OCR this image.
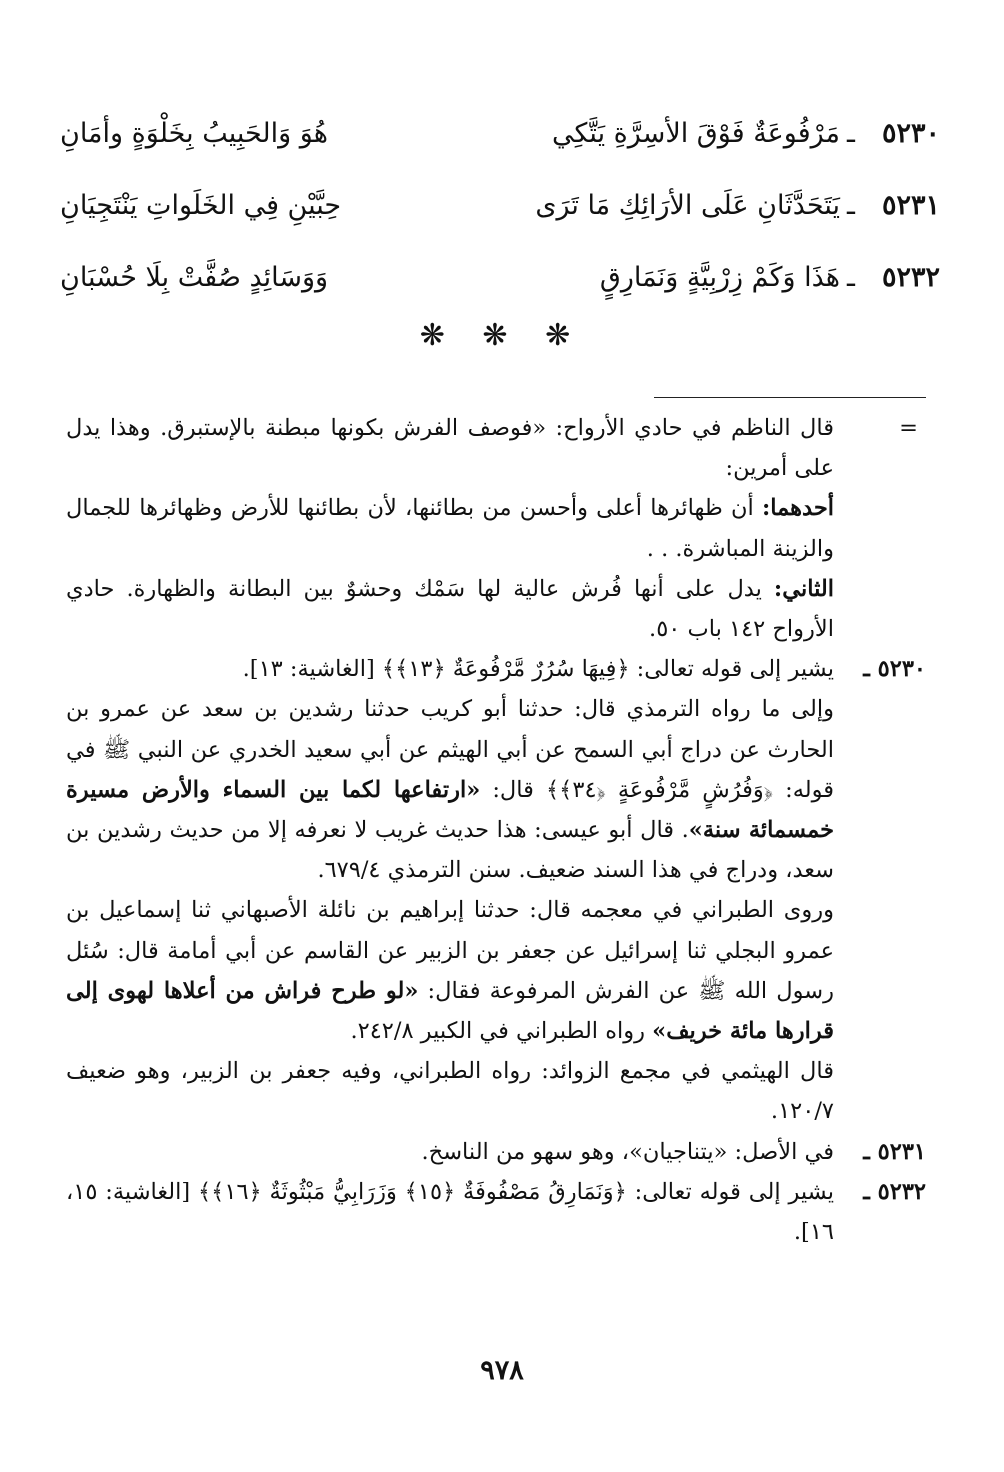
٥٢٣٠
ـ
مَرْفُوعَةٌ فَوْقَ الأسِرَّةِ يَتَّكِي
هُوَ وَالحَبِيبُ بِخَلْوَةٍ وأمَانِ
٥٢٣١
ـ
يَتَحَدَّثَانِ عَلَى الأرَائِكِ مَا تَرَى
حِبَّيْنِ فِي الخَلَواتِ يَنْتَجِيَانِ
٥٢٣٢
ـ
هَذَا وَكَمْ زِرْبِيَّةٍ وَنَمَارِقٍ
وَوَسَائِدٍ صُفَّتْ بِلَا حُسْبَانِ
❋ ❋ ❋
=
قال الناظم في حادي الأرواح: «فوصف الفرش بكونها مبطنة بالإستبرق. وهذا يدل على أمرين:
أحدهما: أن ظهائرها أعلى وأحسن من بطائنها، لأن بطائنها للأرض وظهائرها للجمال والزينة المباشرة. . .
الثاني: يدل على أنها فُرش عالية لها سَمْك وحشوٌ بين البطانة والظهارة. حادي الأرواح ١٤٢ باب ٥٠.
٥٢٣٠ ـ
يشير إلى قوله تعالى: ﴿فِيهَا سُرُرٌ مَّرْفُوعَةٌ ﴿١٣﴾﴾ [الغاشية: ١٣].
وإلى ما رواه الترمذي قال: حدثنا أبو كريب حدثنا رشدين بن سعد عن عمرو بن الحارث عن دراج أبي السمح عن أبي الهيثم عن أبي سعيد الخدري عن النبي ﷺ في قوله: ﴿وَفُرُشٍ مَّرْفُوعَةٍ ﴿٣٤﴾﴾ قال: «ارتفاعها لكما بين السماء والأرض مسيرة خمسمائة سنة». قال أبو عيسى: هذا حديث غريب لا نعرفه إلا من حديث رشدين بن سعد، ودراج في هذا السند ضعيف. سنن الترمذي ٦٧٩/٤.
وروى الطبراني في معجمه قال: حدثنا إبراهيم بن نائلة الأصبهاني ثنا إسماعيل بن عمرو البجلي ثنا إسرائيل عن جعفر بن الزبير عن القاسم عن أبي أمامة قال: سُئل رسول الله ﷺ عن الفرش المرفوعة فقال: «لو طرح فراش من أعلاها لهوى إلى قرارها مائة خريف» رواه الطبراني في الكبير ٢٤٢/٨.
قال الهيثمي في مجمع الزوائد: رواه الطبراني، وفيه جعفر بن الزبير، وهو ضعيف ١٢٠/٧.
٥٢٣١ ـ
في الأصل: «يتناجيان»، وهو سهو من الناسخ.
٥٢٣٢ ـ
يشير إلى قوله تعالى: ﴿وَنَمَارِقُ مَصْفُوفَةٌ ﴿١٥﴾ وَزَرَابِيُّ مَبْثُوثَةٌ ﴿١٦﴾﴾ [الغاشية: ١٥، ١٦].
٩٧٨
